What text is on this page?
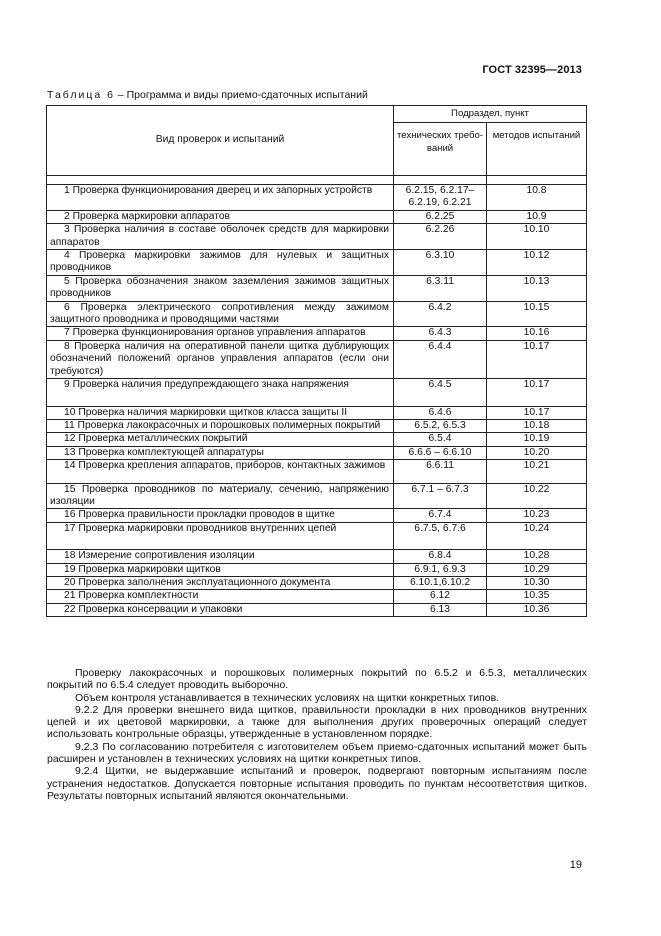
ГОСТ 32395—2013
Таблица 6 – Программа и виды приемо-сдаточных испытаний
Вид проверок и испытаний	Подраздел, пункт	
	технических требо-ваний	методов испытаний

1 Проверка функционирования дверец и их запорных устройств	6.2.15, 6.2.17–6.2.19, 6.2.21	10.8
2 Проверка маркировки аппаратов	6.2.25	10.9
3 Проверка наличия в составе оболочек средств для маркировки аппаратов	6.2.26	10.10
4 Проверка маркировки зажимов для нулевых и защитных проводников	6.3.10	10.12
5 Проверка обозначения знаком заземления зажимов защитных проводников	6.3.11	10.13
6 Проверка электрического сопротивления между зажимом защитного проводника и проводящими частями	6.4.2	10.15
7 Проверка функционирования органов управления аппаратов	6.4.3	10.16
8 Проверка наличия на оперативной панели щитка дублирующих обозначений положений органов управления аппаратов (если они требуются)	6.4.4	10.17
9 Проверка наличия предупреждающего знака напряжения	6.4.5	10.17
10 Проверка наличия маркировки щитков класса защиты II	6.4.6	10.17
11 Проверка лакокрасочных и порошковых полимерных покрытий	6.5.2, 6.5.3	10.18
12 Проверка металлических покрытий	6.5.4	10.19
13 Проверка комплектующей аппаратуры	6.6.6 – 6.6.10	10.20
14 Проверка крепления аппаратов, приборов, контактных зажимов	6.6.11	10.21
15 Проверка проводников по материалу, сечению, напряжению изоляции	6.7.1 – 6.7.3	10.22
16 Проверка правильности прокладки проводов в щитке	6.7.4	10.23
17 Проверка маркировки проводников внутренних цепей	6.7.5, 6.7.6	10.24
18 Измерение сопротивления изоляции	6.8.4	10.28
19 Проверка маркировки щитков	6.9.1, 6.9.3	10.29
20 Проверка заполнения эксплуатационного документа	6.10.1,6.10.2	10.30
21 Проверка комплектности	6.12	10.35
22 Проверка консервации и упаковки	6.13	10.36

Проверку лакокрасочных и порошковых полимерных покрытий по 6.5.2 и 6.5.3, металлических покрытий по 6.5.4 следует проводить выборочно.

Объем контроля устанавливается в технических условиях на щитки конкретных типов.

9.2.2 Для проверки внешнего вида щитков, правильности прокладки в них проводников внутренних цепей и их цветовой маркировки, а также для выполнения других проверочных операций следует использовать контрольные образцы, утвержденные в установленном порядке.

9.2.3 По согласованию потребителя с изготовителем объем приемо-сдаточных испытаний может быть расширен и установлен в технических условиях на щитки конкретных типов.

9.2.4 Щитки, не выдержавшие испытаний и проверок, подвергают повторным испытаниям после устранения недостатков. Допускается повторные испытания проводить по пунктам несоответствия щитков. Результаты повторных испытаний являются окончательными.

19
